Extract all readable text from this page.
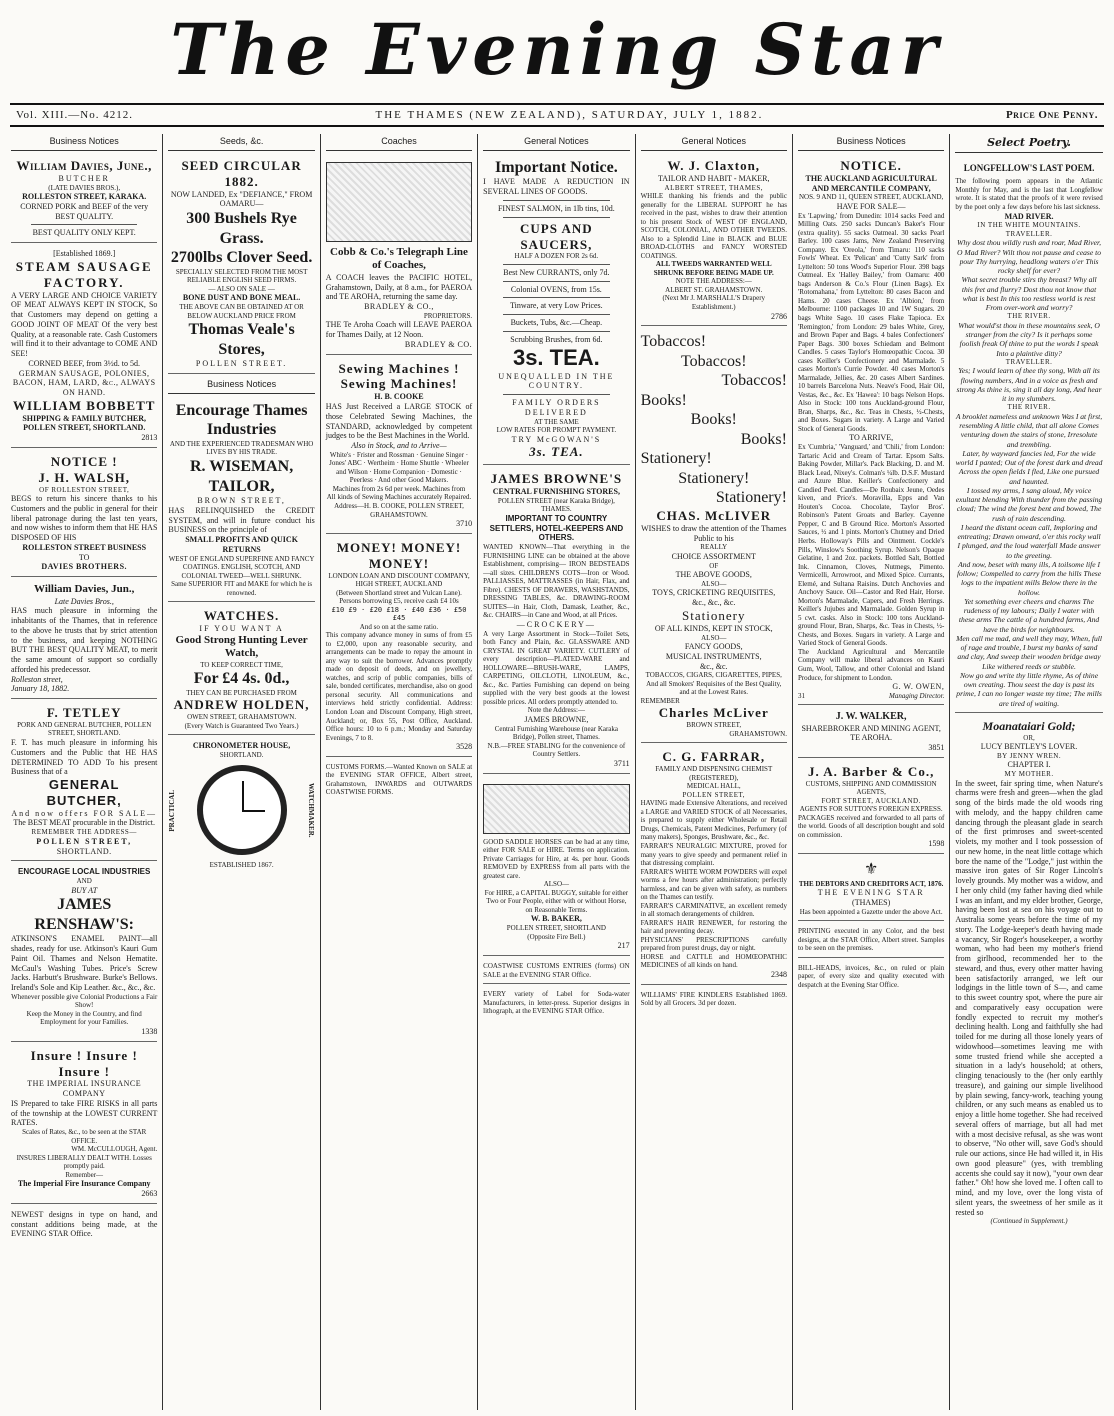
The Evening Star
Vol. XIII.—No. 4212.	THE THAMES (NEW ZEALAND), SATURDAY, JULY 1, 1882.	Price One Penny.
Business Notices
William Davies, June.,
BUTCHER
(LATE DAVIES BROS.),
ROLLESTON STREET, KARAKA.
CORNED PORK and BEEF of the very BEST QUALITY.
BEST QUALITY ONLY KEPT.
[Established 1869.]
STEAM SAUSAGE FACTORY.
A VERY LARGE AND CHOICE VARIETY OF MEAT ALWAYS KEPT IN STOCK, So that Customers may depend on getting a GOOD JOINT OF MEAT Of the very best Quality, at a reasonable rate. Cash Customers will find it to their advantage to COME AND SEE!
CORNED BEEF, from 3½d. to 5d.
GERMAN SAUSAGE, POLONIES, BACON, HAM, LARD, &c., ALWAYS ON HAND.
WILLIAM BOBBETT
SHIPPING & FAMILY BUTCHER, POLLEN STREET, SHORTLAND.
2813
NOTICE !
J. H. WALSH,
OF ROLLESTON STREET,
BEGS to return his sincere thanks to his Customers and the public in general for their liberal patronage during the last ten years, and now wishes to inform them that HE HAS DISPOSED OF HIS
ROLLESTON STREET BUSINESS
TO
DAVIES BROTHERS.
William Davies, Jun.,
Late Davies Bros.,
HAS much pleasure in informing the inhabitants of the Thames, that in reference to the above he trusts that by strict attention to the business, and keeping NOTHING BUT THE BEST QUALITY MEAT, to merit the same amount of support so cordially afforded his predecessor.
Rolleston street,
January 18, 1882.
F. TETLEY
PORK AND GENERAL BUTCHER, POLLEN STREET, SHORTLAND.
F. T. has much pleasure in informing his Customers and the Public that HE HAS DETERMINED TO ADD To his present Business that of a
GENERAL BUTCHER,
And now offers FOR SALE—
The BEST MEAT procurable in the District.
REMEMBER THE ADDRESS—
POLLEN STREET,
SHORTLAND.
ENCOURAGE LOCAL INDUSTRIES
AND
BUY AT
JAMES RENSHAW'S:
ATKINSON'S ENAMEL PAINT—all shades, ready for use. Atkinson's Kauri Gum Paint Oil. Thames and Nelson Hematite. McCaul's Washing Tubes. Price's Screw Jacks. Harbutt's Brushware. Burke's Bellows. Ireland's Sole and Kip Leather. &c., &c., &c.
Whenever possible give Colonial Productions a Fair Show!
Keep the Money in the Country, and find Employment for your Families.
1338
Insure ! Insure ! Insure !
THE IMPERIAL INSURANCE COMPANY
IS Prepared to take FIRE RISKS in all parts of the township at the LOWEST CURRENT RATES.
Scales of Rates, &c., to be seen at the STAR OFFICE.
WM. McCULLOUGH, Agent.
INSURES LIBERALLY DEALT WITH. Losses promptly paid.
Remember—
The Imperial Fire Insurance Company
2663
NEWEST designs in type on hand, and constant additions being made, at the EVENING STAR Office.
Seeds, &c.
SEED CIRCULAR 1882.
NOW LANDED, Ex "DEFIANCE," FROM OAMARU—
300 Bushels Rye Grass.
2700lbs Clover Seed.
SPECIALLY SELECTED FROM THE MOST RELIABLE ENGLISH SEED FIRMS.
— ALSO ON SALE —
BONE DUST AND BONE MEAL.
THE ABOVE CAN BE OBTAINED AT OR BELOW AUCKLAND PRICE FROM
Thomas Veale's Stores,
POLLEN STREET.
Business Notices
Encourage Thames Industries
AND THE EXPERIENCED TRADESMAN WHO LIVES BY HIS TRADE.
R. WISEMAN, TAILOR,
BROWN STREET,
HAS RELINQUISHED the CREDIT SYSTEM, and will in future conduct his BUSINESS on the principle of
SMALL PROFITS AND QUICK RETURNS
WEST OF ENGLAND SUPERFINE AND FANCY COATINGS. ENGLISH, SCOTCH, AND COLONIAL TWEED—WELL SHRUNK.
Same SUPERIOR FIT and MAKE for which he is renowned.
WATCHES.
IF YOU WANT A
Good Strong Hunting Lever Watch,
TO KEEP CORRECT TIME,
For £4 4s. 0d.,
THEY CAN BE PURCHASED FROM
ANDREW HOLDEN,
OWEN STREET, GRAHAMSTOWN.
(Every Watch is Guaranteed Two Years.)
CHRONOMETER HOUSE,
SHORTLAND.
PRACTICAL	WATCHMAKER.
ESTABLISHED 1867.
Coaches
Cobb & Co.'s Telegraph Line of Coaches,
A COACH leaves the PACIFIC HOTEL, Grahamstown, Daily, at 8 a.m., for PAEROA and TE AROHA, returning the same day.
BRADLEY & CO.,
PROPRIETORS.
THE Te Aroha Coach will LEAVE PAEROA for Thames Daily, at 12 Noon.
BRADLEY & CO.
Sewing Machines !
Sewing Machines!
H. B. COOKE
HAS Just Received a LARGE STOCK of those Celebrated Sewing Machines, the STANDARD, acknowledged by competent judges to be the Best Machines in the World.
Also in Stock, and to Arrive—
White's · Frister and Rossman · Genuine Singer · Jones' ABC · Wertheim · Home Shuttle · Wheeler and Wilson · Home Companion · Domestic · Peerless · And other Good Makers.
Machines from 2s 6d per week. Machines from
All kinds of Sewing Machines accurately Repaired.
Address—H. B. COOKE, POLLEN STREET, GRAHAMSTOWN.
3710
MONEY! MONEY! MONEY!
LONDON LOAN AND DISCOUNT COMPANY,
HIGH STREET, AUCKLAND
(Between Shortland street and Vulcan Lane).
Persons borrowing £5, receive cash £4 10s
£10 £9 · £20 £18 · £40 £36 · £50 £45
And so on at the same ratio.
This company advance money in sums of from £5 to £2,000, upon any reasonable security, and arrangements can be made to repay the amount in any way to suit the borrower. Advances promptly made on deposit of deeds, and on jewellery, watches, and scrip of public companies, bills of sale, bonded certificates, merchandise, also on good personal security. All communications and interviews held strictly confidential. Address: London Loan and Discount Company, High street, Auckland; or, Box 55, Post Office, Auckland. Office hours: 10 to 6 p.m.; Monday and Saturday Evenings, 7 to 8.
3528
CUSTOMS FORMS.—Wanted Known on SALE at the EVENING STAR OFFICE, Albert street, Grahamstown, INWARDS and OUTWARDS COASTWISE FORMS.
General Notices
Important Notice.
I HAVE MADE A REDUCTION IN SEVERAL LINES OF GOODS.
FINEST SALMON, in 1lb tins, 10d.
CUPS AND SAUCERS,
HALF A DOZEN FOR 2s 6d.
Best New CURRANTS, only 7d.
Colonial OVENS, from 15s.
Tinware, at very Low Prices.
Buckets, Tubs, &c.—Cheap.
Scrubbing Brushes, from 6d.
3s. TEA.
UNEQUALLED IN THE COUNTRY.
FAMILY ORDERS DELIVERED
AT THE SAME
LOW RATES FOR PROMPT PAYMENT.
TRY McGOWAN'S
3s. TEA.
JAMES BROWNE'S
CENTRAL FURNISHING STORES,
POLLEN STREET (near Karaka Bridge), THAMES.
IMPORTANT TO COUNTRY SETTLERS, HOTEL-KEEPERS AND OTHERS.
WANTED KNOWN—That everything in the FURNISHING LINE can be obtained at the above Establishment, comprising— IRON BEDSTEADS—all sizes. CHILDREN'S COTS—Iron or Wood. PALLIASSES, MATTRASSES (in Hair, Flax, and Fibre). CHESTS OF DRAWERS, WASHSTANDS, DRESSING TABLES, &c. DRAWING-ROOM SUITES—in Hair, Cloth, Damask, Leather, &c., &c. CHAIRS—in Cane and Wood, at all Prices.
—CROCKERY—
A very Large Assortment in Stock—Toilet Sets, both Fancy and Plain, &c. GLASSWARE AND CRYSTAL IN GREAT VARIETY. CUTLERY of every description—PLATED-WARE and HOLLOWARE—BRUSH-WARE, LAMPS, CARPETING, OILCLOTH, LINOLEUM, &c., &c., &c. Parties Furnishing can depend on being supplied with the very best goods at the lowest possible prices. All orders promptly attended to.
Note the Address:—
JAMES BROWNE,
Central Furnishing Warehouse (near Karaka Bridge), Pollen street, Thames.
N.B.—FREE STABLING for the convenience of Country Settlers.
3711
GOOD SADDLE HORSES can be had at any time, either FOR SALE or HIRE. Terms on application. Private Carriages for Hire, at 4s. per hour. Goods REMOVED by EXPRESS from all parts with the greatest care.
ALSO—
For HIRE, a CAPITAL BUGGY, suitable for either Two or Four People, either with or without Horse, on Reasonable Terms.
W. B. BAKER,
POLLEN STREET, SHORTLAND
(Opposite Fire Bell.)
217
COASTWISE CUSTOMS ENTRIES (forms) ON SALE at the EVENING STAR Office.
EVERY variety of Label for Soda-water Manufacturers, in letter-press. Superior designs in lithograph, at the EVENING STAR Office.
General Notices
W. J. Claxton,
TAILOR AND HABIT - MAKER,
ALBERT STREET, THAMES,
WHILE thanking his friends and the public generally for the LIBERAL SUPPORT he has received in the past, wishes to draw their attention to his present Stock of WEST OF ENGLAND, SCOTCH, COLONIAL, AND OTHER TWEEDS. Also to a Splendid Line in BLACK and BLUE BROAD-CLOTHS and FANCY WORSTED COATINGS.
ALL TWEEDS WARRANTED WELL SHRUNK BEFORE BEING MADE UP.
NOTE THE ADDRESS:—
ALBERT ST. GRAHAMSTOWN.
(Next Mr J. MARSHALL'S Drapery Establishment.)
2786
Tobaccos!
Tobaccos!
Tobaccos!
Books!
Books!
Books!
Stationery!
Stationery!
Stationery!
CHAS. McLIVER
WISHES to draw the attention of the Thames Public to his
REALLY
CHOICE ASSORTMENT
OF
THE ABOVE GOODS,
ALSO—
TOYS, CRICKETING REQUISITES,
&c., &c., &c.
Stationery
OF ALL KINDS, KEPT IN STOCK,
ALSO—
FANCY GOODS,
MUSICAL INSTRUMENTS,
&c., &c.
TOBACCOS, CIGARS, CIGARETTES, PIPES,
And all Smokers' Requisites of the Best Quality, and at the Lowest Rates.
REMEMBER
Charles McLiver
BROWN STREET,
GRAHAMSTOWN.
C. G. FARRAR,
FAMILY AND DISPENSING CHEMIST (REGISTERED),
MEDICAL HALL,
POLLEN STREET,
HAVING made Extensive Alterations, and received a LARGE and VARIED STOCK of all Necessaries, is prepared to supply either Wholesale or Retail Drugs, Chemicals, Patent Medicines, Perfumery (of many makers), Sponges, Brushware, &c., &c.
FARRAR'S NEURALGIC MIXTURE, proved for many years to give speedy and permanent relief in that distressing complaint.
FARRAR'S WHITE WORM POWDERS will expel worms a few hours after administration; perfectly harmless, and can be given with safety, as numbers on the Thames can testify.
FARRAR'S CARMINATIVE, an excellent remedy in all stomach derangements of children.
FARRAR'S HAIR RENEWER, for restoring the hair and preventing decay.
PHYSICIANS' PRESCRIPTIONS carefully prepared from purest drugs, day or night.
HORSE and CATTLE and HOMŒOPATHIC MEDICINES of all kinds on hand.
2348
WILLIAMS' FIRE KINDLERS Established 1869. Sold by all Grocers. 3d per dozen.
Business Notices
NOTICE.
THE AUCKLAND AGRICULTURAL AND MERCANTILE COMPANY,
NOS. 9 AND 11, QUEEN STREET, AUCKLAND,
HAVE FOR SALE—
Ex 'Lapwing,' from Dunedin: 1014 sacks Feed and Milling Oats. 250 sacks Duncan's Baker's Flour (extra quality). 55 sacks Oatmeal. 30 sacks Pearl Barley. 100 cases Jams, New Zealand Preserving Company. Ex 'Oreola,' from Timaru: 110 sacks Fowls' Wheat. Ex 'Pelican' and 'Cutty Sark' from Lyttelton: 50 tons Wood's Superior Flour. 398 bags Oatmeal. Ex 'Halley Bailey,' from Oamaru: 400 bags Anderson & Co.'s Flour (Linen Bags). Ex 'Rotomahana,' from Lyttelton: 80 cases Bacon and Hams. 20 cases Cheese. Ex 'Albion,' from Melbourne: 1100 packages 10 and 1W Sugars. 20 bags White Sago. 10 cases Flake Tapioca. Ex 'Remington,' from London: 29 bales White, Grey, and Brown Paper and Bags. 4 bales Confectioners' Paper Bags. 300 boxes Schiedam and Belmont Candles. 5 cases Taylor's Homœopathic Cocoa. 30 cases Keiller's Confectionery and Marmalade. 5 cases Morton's Currie Powder. 40 cases Morton's Marmalade, Jellies, &c. 20 cases Albert Sardines. 10 barrels Barcelona Nuts. Neave's Food, Hair Oil, Vestas, &c., &c. Ex 'Hawea': 10 bags Nelson Hops. Also in Stock: 100 tons Auckland-ground Flour, Bran, Sharps, &c., &c. Teas in Chests, ½-Chests, and Boxes. Sugars in variety. A Large and Varied Stock of General Goods.
TO ARRIVE,
Ex 'Cumbria,' 'Vanguard,' and 'Chili,' from London: Tartaric Acid and Cream of Tartar. Epsom Salts. Baking Powder, Millar's. Pack Blacking, D. and M. Black Lead, Nixey's. Colman's ¼lb. D.S.F. Mustard and Azure Blue. Keiller's Confectionery and Candied Peel. Candles—De Roubaix Jeune, Oedes kiven, and Price's. Moravilla, Epps and Van Houten's Cocoa. Chocolate, Taylor Bros'. Robinson's Patent Groats and Barley. Cayenne Pepper, C and B Ground Rice. Morton's Assorted Sauces, ½ and 1 pints. Morton's Chutney and Dried Herbs. Holloway's Pills and Ointment. Cockle's Pills, Winslow's Soothing Syrup. Nelson's Opaque Gelatine, 1 and 2oz. packets. Bottled Salt, Bottled Ink. Cinnamon, Cloves, Nutmegs, Pimento. Vermicelli, Arrowroot, and Mixed Spice. Currants, Elemé, and Sultana Raisins. Dutch Anchovies and Anchovy Sauce. Oil—Castor and Red Hair, Horse. Morton's Marmalade, Capers, and Fresh Herrings. Keiller's Jujubes and Marmalade. Golden Syrup in 5 cwt. casks. Also in Stock: 100 tons Auckland-ground Flour, Bran, Sharps, &c. Teas in Chests, ½-Chests, and Boxes. Sugars in variety. A Large and Varied Stock of General Goods.
The Auckland Agricultural and Mercantile Company will make liberal advances on Kauri Gum, Wool, Tallow, and other Colonial and Island Produce, for shipment to London.
G. W. OWEN,
31	Managing Director.
J. W. WALKER,
SHAREBROKER AND MINING AGENT,
TE AROHA.
3851
J. A. Barber & Co.,
CUSTOMS, SHIPPING AND COMMISSION AGENTS,
FORT STREET, AUCKLAND.
AGENTS FOR SUTTON'S FOREIGN EXPRESS.
PACKAGES received and forwarded to all parts of the world. Goods of all description bought and sold on commission.
1598
⚜
THE DEBTORS AND CREDITORS ACT, 1876.
THE EVENING STAR
(THAMES)
Has been appointed a Gazette under the above Act.
PRINTING executed in any Color, and the best designs, at the STAR Office, Albert street. Samples to be seen on the premises.
BILL-HEADS, invoices, &c., on ruled or plain paper, of every size and quality executed with despatch at the Evening Star Office.
Select Poetry.
LONGFELLOW'S LAST POEM.
The following poem appears in the Atlantic Monthly for May, and is the last that Longfellow wrote. It is stated that the proofs of it were revised by the poet only a few days before his last sickness.
MAD RIVER.
IN THE WHITE MOUNTAINS.
TRAVELLER.
Why dost thou wildly rush and roar, Mad River, O Mad River? Wilt thou not pause and cease to pour Thy hurrying, headlong waters o'er This rocky shelf for ever?
What secret trouble stirs thy breast? Why all this fret and flurry? Dost thou not know that what is best In this too restless world is rest From over-work and worry?
THE RIVER.
What would'st thou in these mountains seek, O stranger from the city? Is it perhaps some foolish freak Of thine to put the words I speak Into a plaintive ditty?
TRAVELLER.
Yes; I would learn of thee thy song, With all its flowing numbers, And in a voice as fresh and strong As thine is, sing it all day long, And hear it in my slumbers.
THE RIVER.
A brooklet nameless and unknown Was I at first, resembling A little child, that all alone Comes venturing down the stairs of stone, Irresolute and trembling.
Later, by wayward fancies led, For the wide world I panted; Out of the forest dark and dread Across the open fields I fled, Like one pursued and haunted.
I tossed my arms, I sang aloud, My voice exultant blending With thunder from the passing cloud; The wind the forest bent and bowed, The rush of rain descending.
I heard the distant ocean call, Imploring and entreating; Drawn onward, o'er this rocky wall I plunged, and the loud waterfall Made answer to the greeting.
And now, beset with many ills, A toilsome life I follow; Compelled to carry from the hills These logs to the impatient mills Below there in the hollow.
Yet something ever cheers and charms The rudeness of my labours; Daily I water with these arms The cattle of a hundred farms, And have the birds for neighbours.
Men call me mad, and well they may, When, full of rage and trouble, I burst my banks of sand and clay, And sweep their wooden bridge away Like withered reeds or stubble.
Now go and write thy little rhyme, As of thine own creating. Thou seest the day is past its prime, I can no longer waste my time; The mills are tired of waiting.
Moanataiari Gold;
OR,
LUCY BENTLEY'S LOVER.
BY JENNY WREN.
CHAPTER I.
MY MOTHER.
In the sweet, fair spring time, when Nature's charms were fresh and green—when the glad song of the birds made the old woods ring with melody, and the happy children came dancing through the pleasant glade in search of the first primroses and sweet-scented violets, my mother and I took possession of our new home, in the neat little cottage which bore the name of the "Lodge," just within the massive iron gates of Sir Roger Lincoln's lovely grounds. My mother was a widow, and I her only child (my father having died while I was an infant, and my elder brother, George, having been lost at sea on his voyage out to Australia some years before the time of my story. The Lodge-keeper's death having made a vacancy, Sir Roger's housekeeper, a worthy woman, who had been my mother's friend from girlhood, recommended her to the steward, and thus, every other matter having been satisfactorily arranged, we left our lodgings in the little town of S—, and came to this sweet country spot, where the pure air and comparatively easy occupation were fondly expected to recruit my mother's declining health. Long and faithfully she had toiled for me during all those lonely years of widowhood—sometimes leaving me with some trusted friend while she accepted a situation in a lady's household; at others, clinging tenaciously to the (her only earthly treasure), and gaining our simple livelihood by plain sewing, fancy-work, teaching young children, or any such means as enabled us to enjoy a little home together. She had received several offers of marriage, but all had met with a most decisive refusal, as she was wont to observe, "No other will, save God's should rule our actions, since He had willed it, in His own good pleasure" (yes, with trembling accents she could say it now), "your own dear father." Oh! how she loved me. I often call to mind, and my love, over the long vista of silent years, the sweetness of her smile as it rested so
(Continued in Supplement.)
